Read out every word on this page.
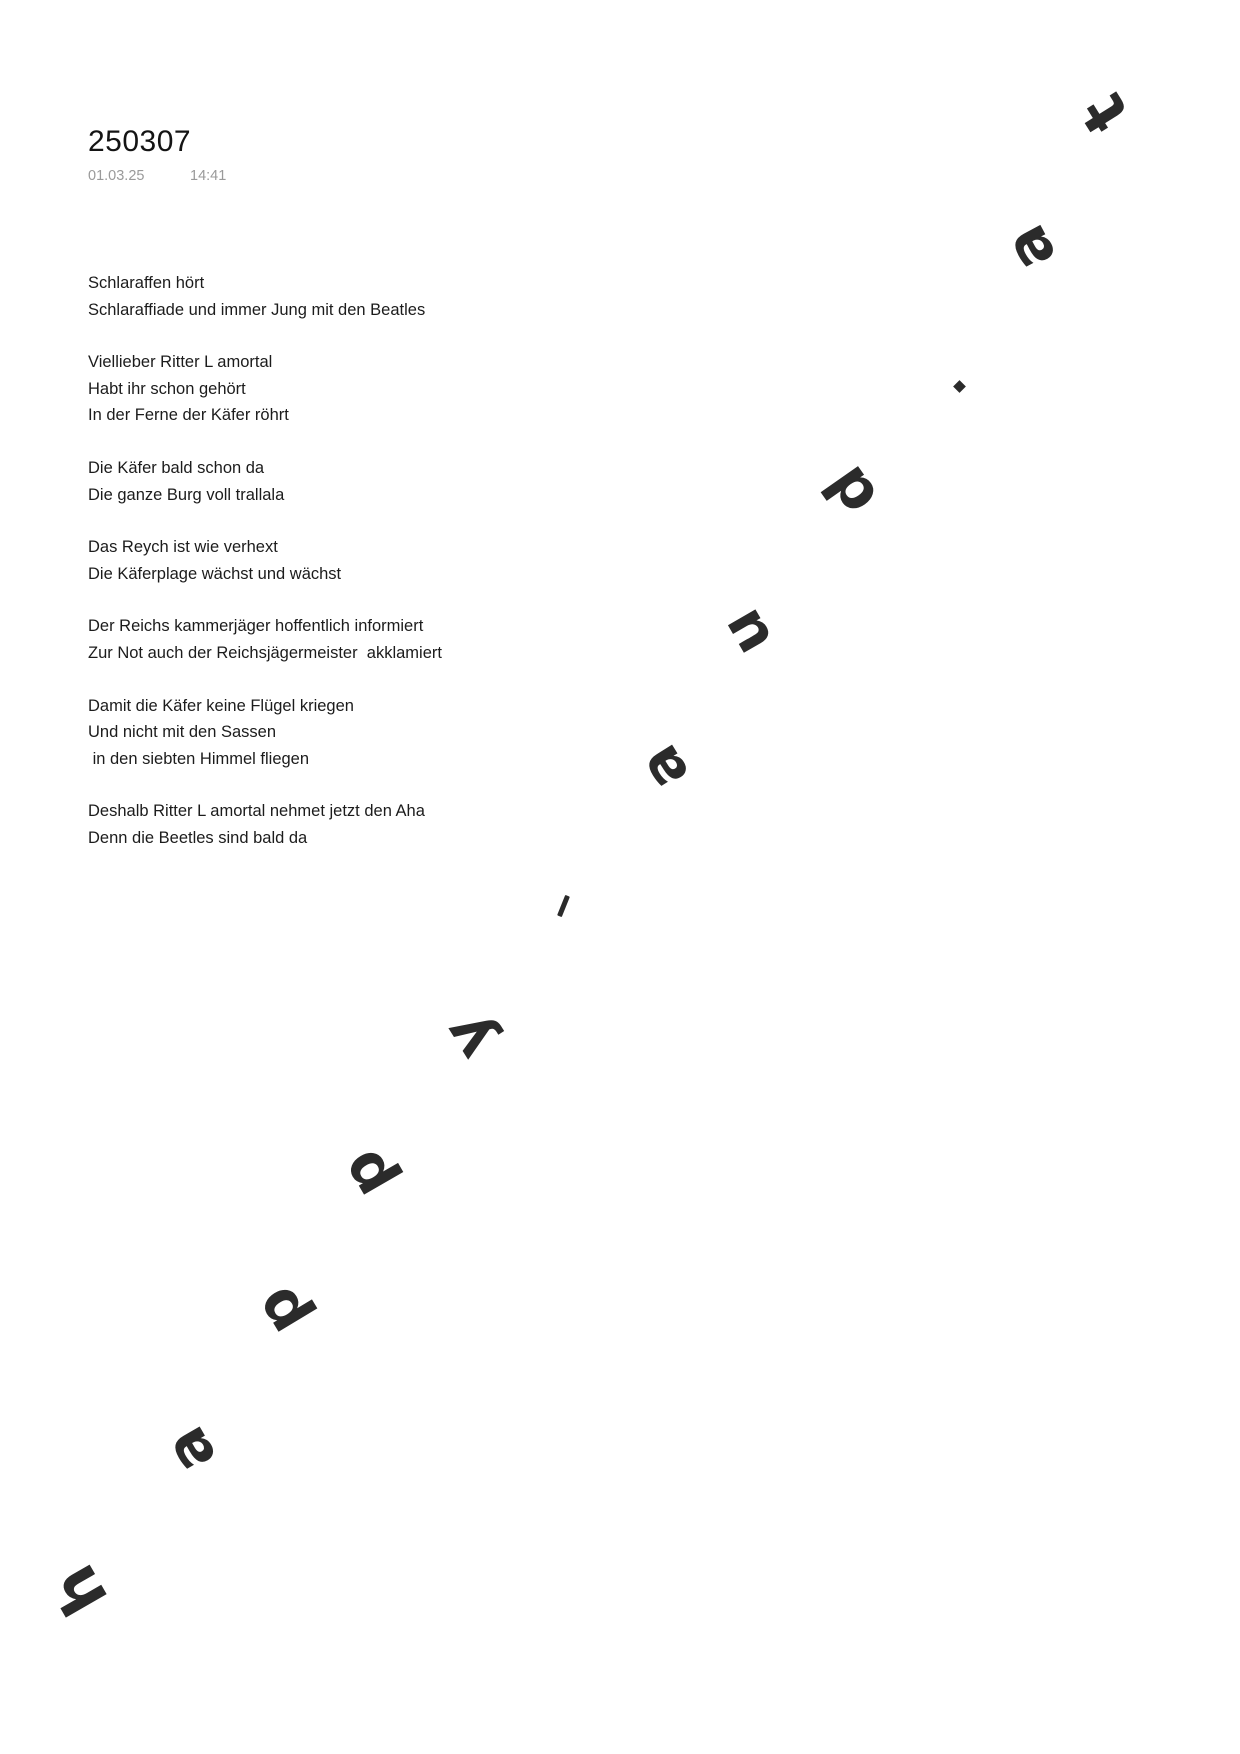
250307
01.03.25	14:41
Schlaraffen hört
Schlaraffiade und immer Jung mit den Beatles
Viellieber Ritter L amortal
Habt ihr schon gehört
In der Ferne der Käfer röhrt
Die Käfer bald schon da
Die ganze Burg voll trallala
Das Reych ist wie verhext
Die Käferplage wächst und wächst
Der Reichs kammerjäger hoffentlich informiert
Zur Not auch der Reichsjägermeister  akklamiert
Damit die Käfer keine Flügel kriegen
Und nicht mit den Sassen
in den siebten Himmel fliegen
Deshalb Ritter L amortal nehmet jetzt den Aha
Denn die Beetles sind bald da
t
a
d
u
a
y
p
p
a
h
